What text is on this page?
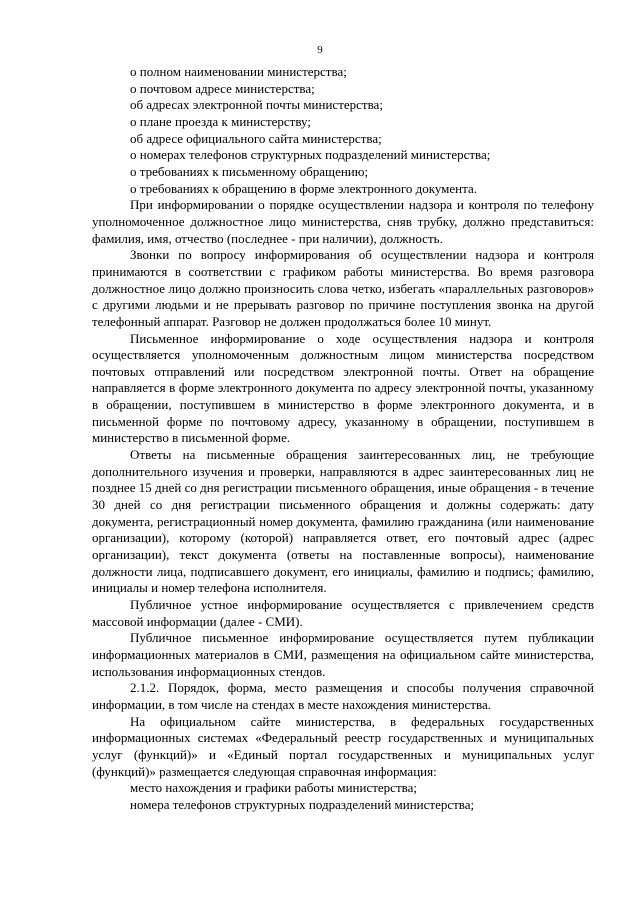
9

о полном наименовании министерства;

о почтовом адресе министерства;

об адресах электронной почты министерства;

о плане проезда к министерству;

об адресе официального сайта министерства;

о номерах телефонов структурных подразделений министерства;

о требованиях к письменному обращению;

о требованиях к обращению в форме электронного документа.

При информировании о порядке осуществлении надзора и контроля по телефону уполномоченное должностное лицо министерства, сняв трубку, должно представиться: фамилия, имя, отчество (последнее - при наличии), должность.

Звонки по вопросу информирования об осуществлении надзора и контроля принимаются в соответствии с графиком работы министерства. Во время разговора должностное лицо должно произносить слова четко, избегать «параллельных разговоров» с другими людьми и не прерывать разговор по причине поступления звонка на другой телефонный аппарат. Разговор не должен продолжаться более 10 минут.

Письменное информирование о ходе осуществления надзора и контроля осуществляется уполномоченным должностным лицом министерства посредством почтовых отправлений или посредством электронной почты. Ответ на обращение направляется в форме электронного документа по адресу электронной почты, указанному в обращении, поступившем в министерство в форме электронного документа, и в письменной форме по почтовому адресу, указанному в обращении, поступившем в министерство в письменной форме.

Ответы на письменные обращения заинтересованных лиц, не требующие дополнительного изучения и проверки, направляются в адрес заинтересованных лиц не позднее 15 дней со дня регистрации письменного обращения, иные обращения - в течение 30 дней со дня регистрации письменного обращения и должны содержать: дату документа, регистрационный номер документа, фамилию гражданина (или наименование организации), которому (которой) направляется ответ, его почтовый адрес (адрес организации), текст документа (ответы на поставленные вопросы), наименование должности лица, подписавшего документ, его инициалы, фамилию и подпись; фамилию, инициалы и номер телефона исполнителя.

Публичное устное информирование осуществляется с привлечением средств массовой информации (далее - СМИ).

Публичное письменное информирование осуществляется путем публикации информационных материалов в СМИ, размещения на официальном сайте министерства, использования информационных стендов.

2.1.2. Порядок, форма, место размещения и способы получения справочной информации, в том числе на стендах в месте нахождения министерства.

На официальном сайте министерства, в федеральных государственных информационных системах «Федеральный реестр государственных и муниципальных услуг (функций)» и «Единый портал государственных и муниципальных услуг (функций)» размещается следующая справочная информация:

место нахождения и графики работы министерства;

номера телефонов структурных подразделений министерства;
